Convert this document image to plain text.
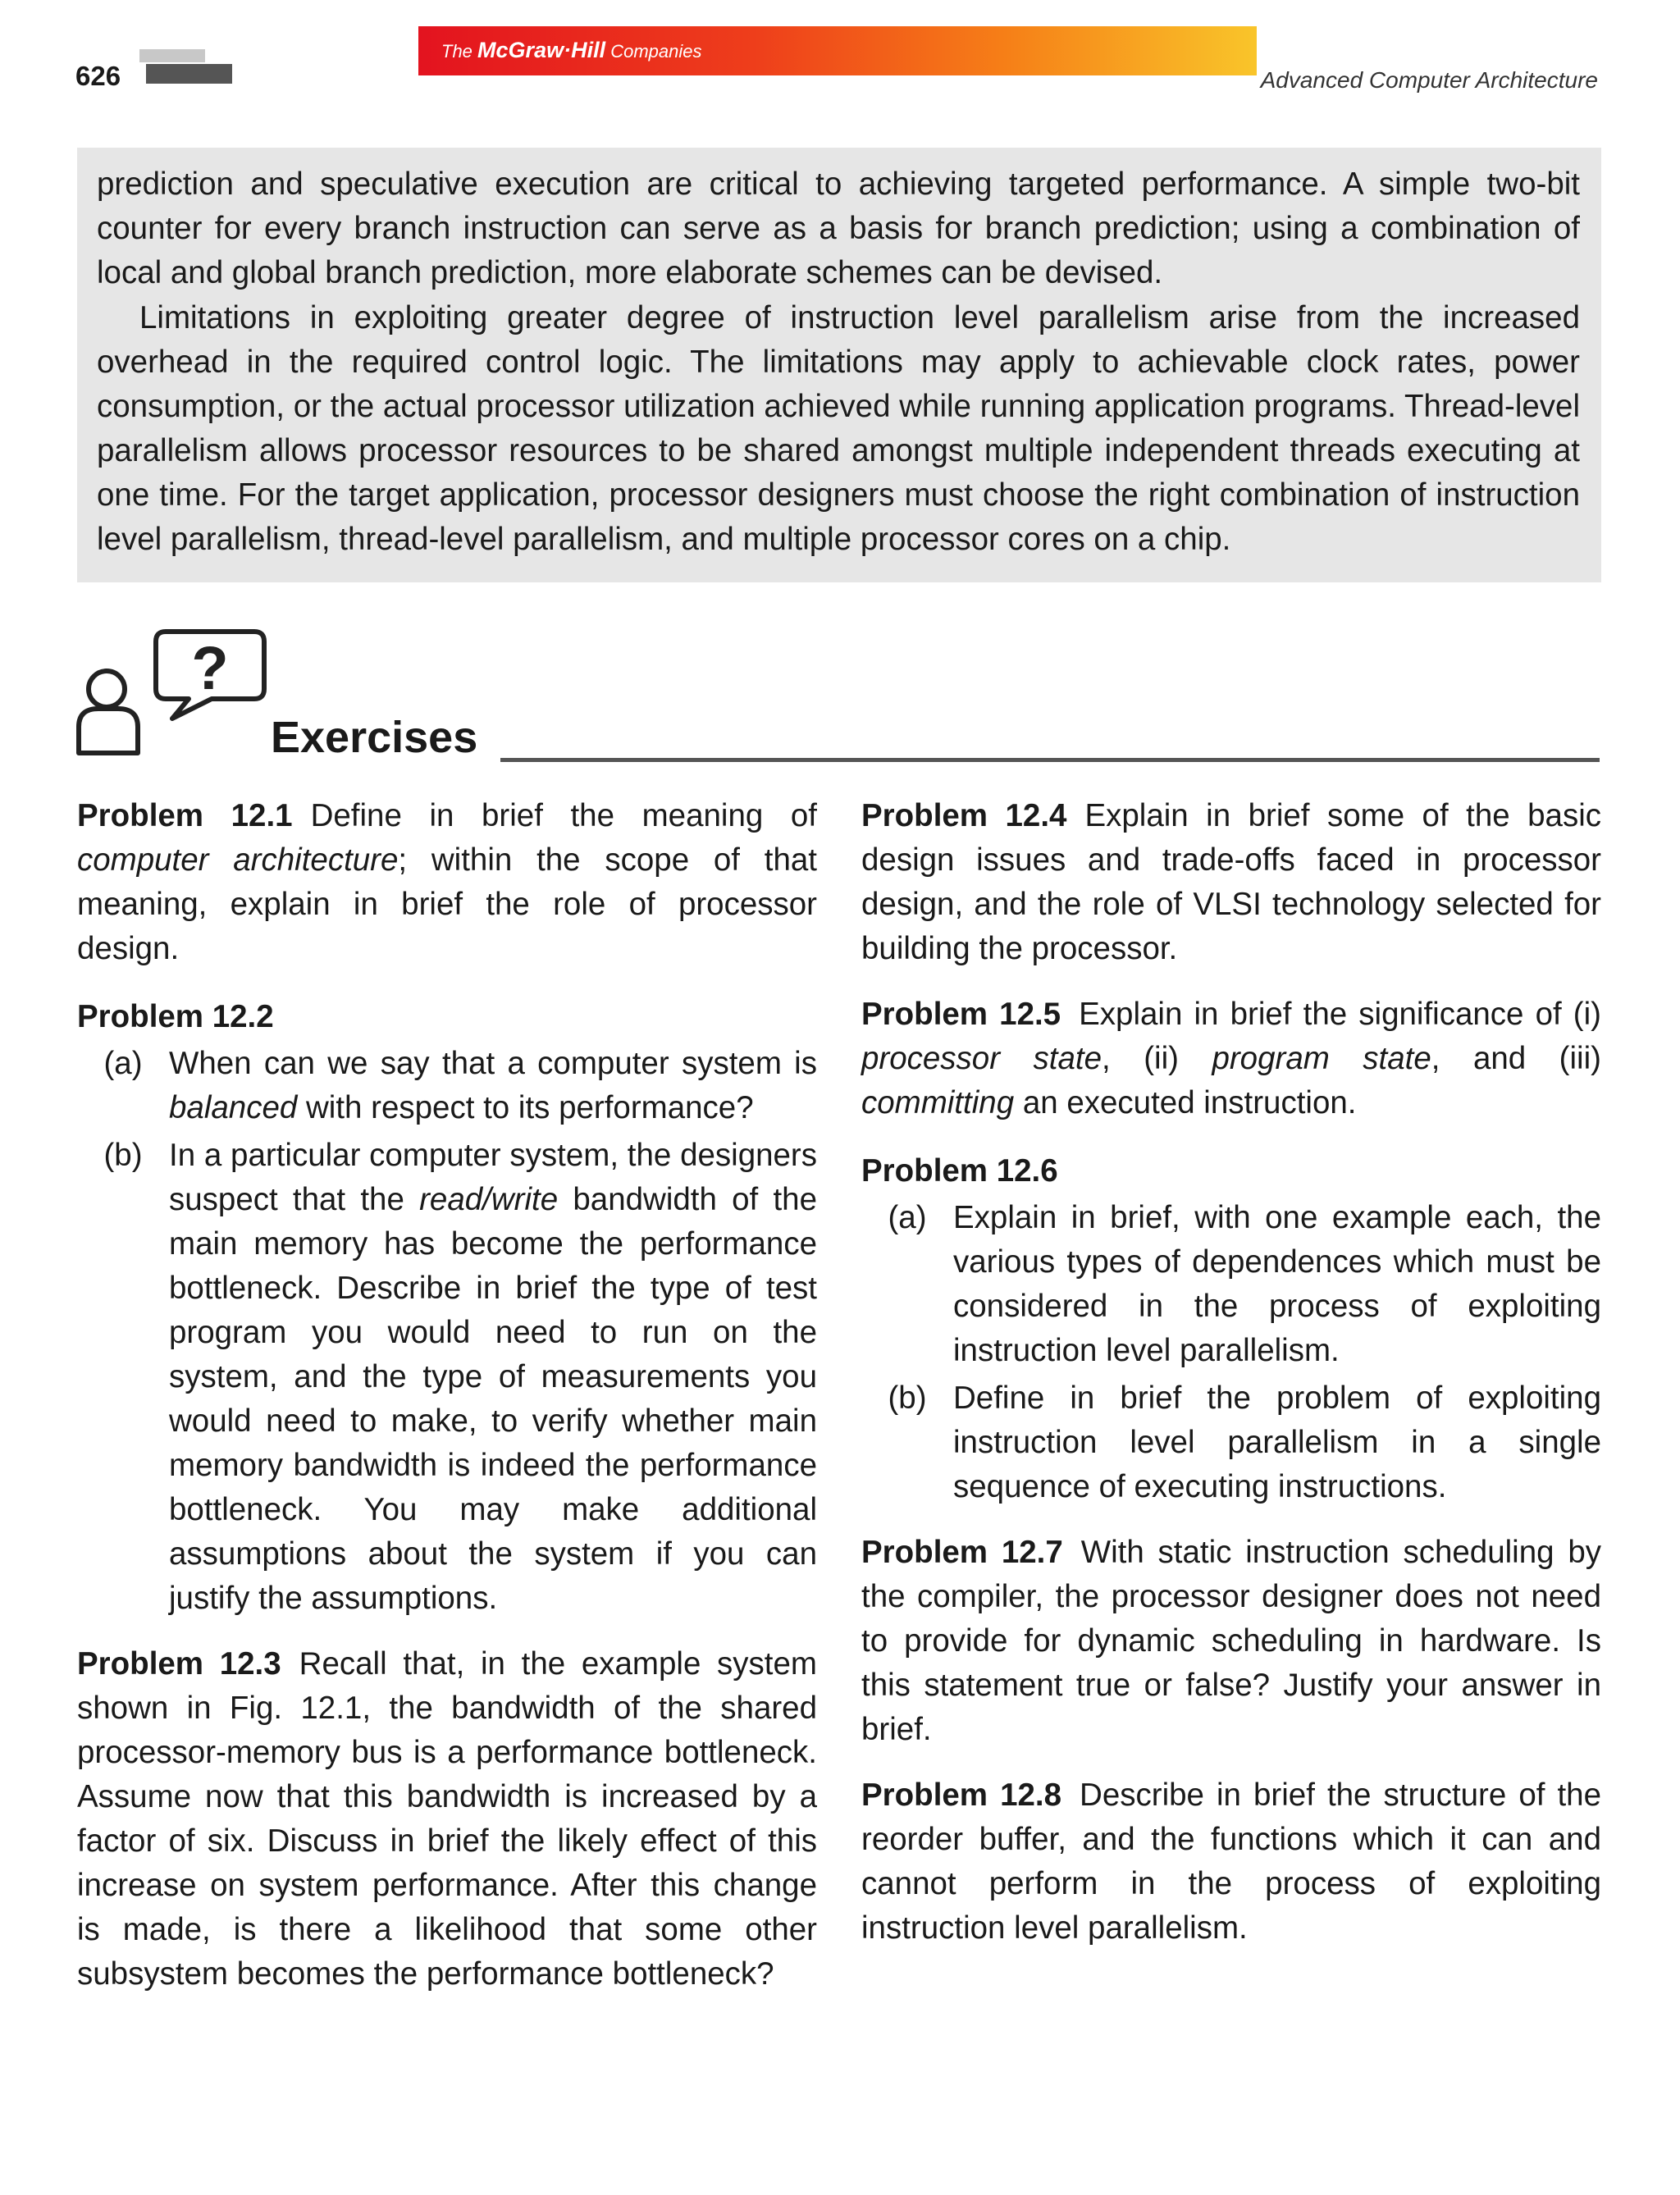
626
The McGraw·Hill Companies
Advanced Computer Architecture

prediction and speculative execution are critical to achieving targeted performance. A simple two-bit counter for every branch instruction can serve as a basis for branch prediction; using a combination of local and global branch prediction, more elaborate schemes can be devised.

Limitations in exploiting greater degree of instruction level parallelism arise from the increased overhead in the required control logic. The limitations may apply to achievable clock rates, power consumption, or the actual processor utilization achieved while running application programs. Thread-level parallelism allows processor resources to be shared amongst multiple independent threads executing at one time. For the target application, processor designers must choose the right combination of instruction level parallelism, thread-level parallelism, and multiple processor cores on a chip.

?
Exercises

Problem 12.1 Define in brief the meaning of computer architecture; within the scope of that meaning, explain in brief the role of processor design.

Problem 12.2

(a) When can we say that a computer system is balanced with respect to its performance?
(b) In a particular computer system, the designers suspect that the read/write bandwidth of the main memory has become the performance bottleneck. Describe in brief the type of test program you would need to run on the system, and the type of measurements you would need to make, to verify whether main memory bandwidth is indeed the performance bottleneck. You may make additional assumptions about the system if you can justify the assumptions.

Problem 12.3 Recall that, in the example system shown in Fig. 12.1, the bandwidth of the shared processor-memory bus is a performance bottleneck. Assume now that this bandwidth is increased by a factor of six. Discuss in brief the likely effect of this increase on system performance. After this change is made, is there a likelihood that some other subsystem becomes the performance bottleneck?

Problem 12.4 Explain in brief some of the basic design issues and trade-offs faced in processor design, and the role of VLSI technology selected for building the processor.

Problem 12.5 Explain in brief the significance of (i) processor state, (ii) program state, and (iii) committing an executed instruction.

Problem 12.6

(a) Explain in brief, with one example each, the various types of dependences which must be considered in the process of exploiting instruction level parallelism.
(b) Define in brief the problem of exploiting instruction level parallelism in a single sequence of executing instructions.

Problem 12.7 With static instruction scheduling by the compiler, the processor designer does not need to provide for dynamic scheduling in hardware. Is this statement true or false? Justify your answer in brief.

Problem 12.8 Describe in brief the structure of the reorder buffer, and the functions which it can and cannot perform in the process of exploiting instruction level parallelism.
